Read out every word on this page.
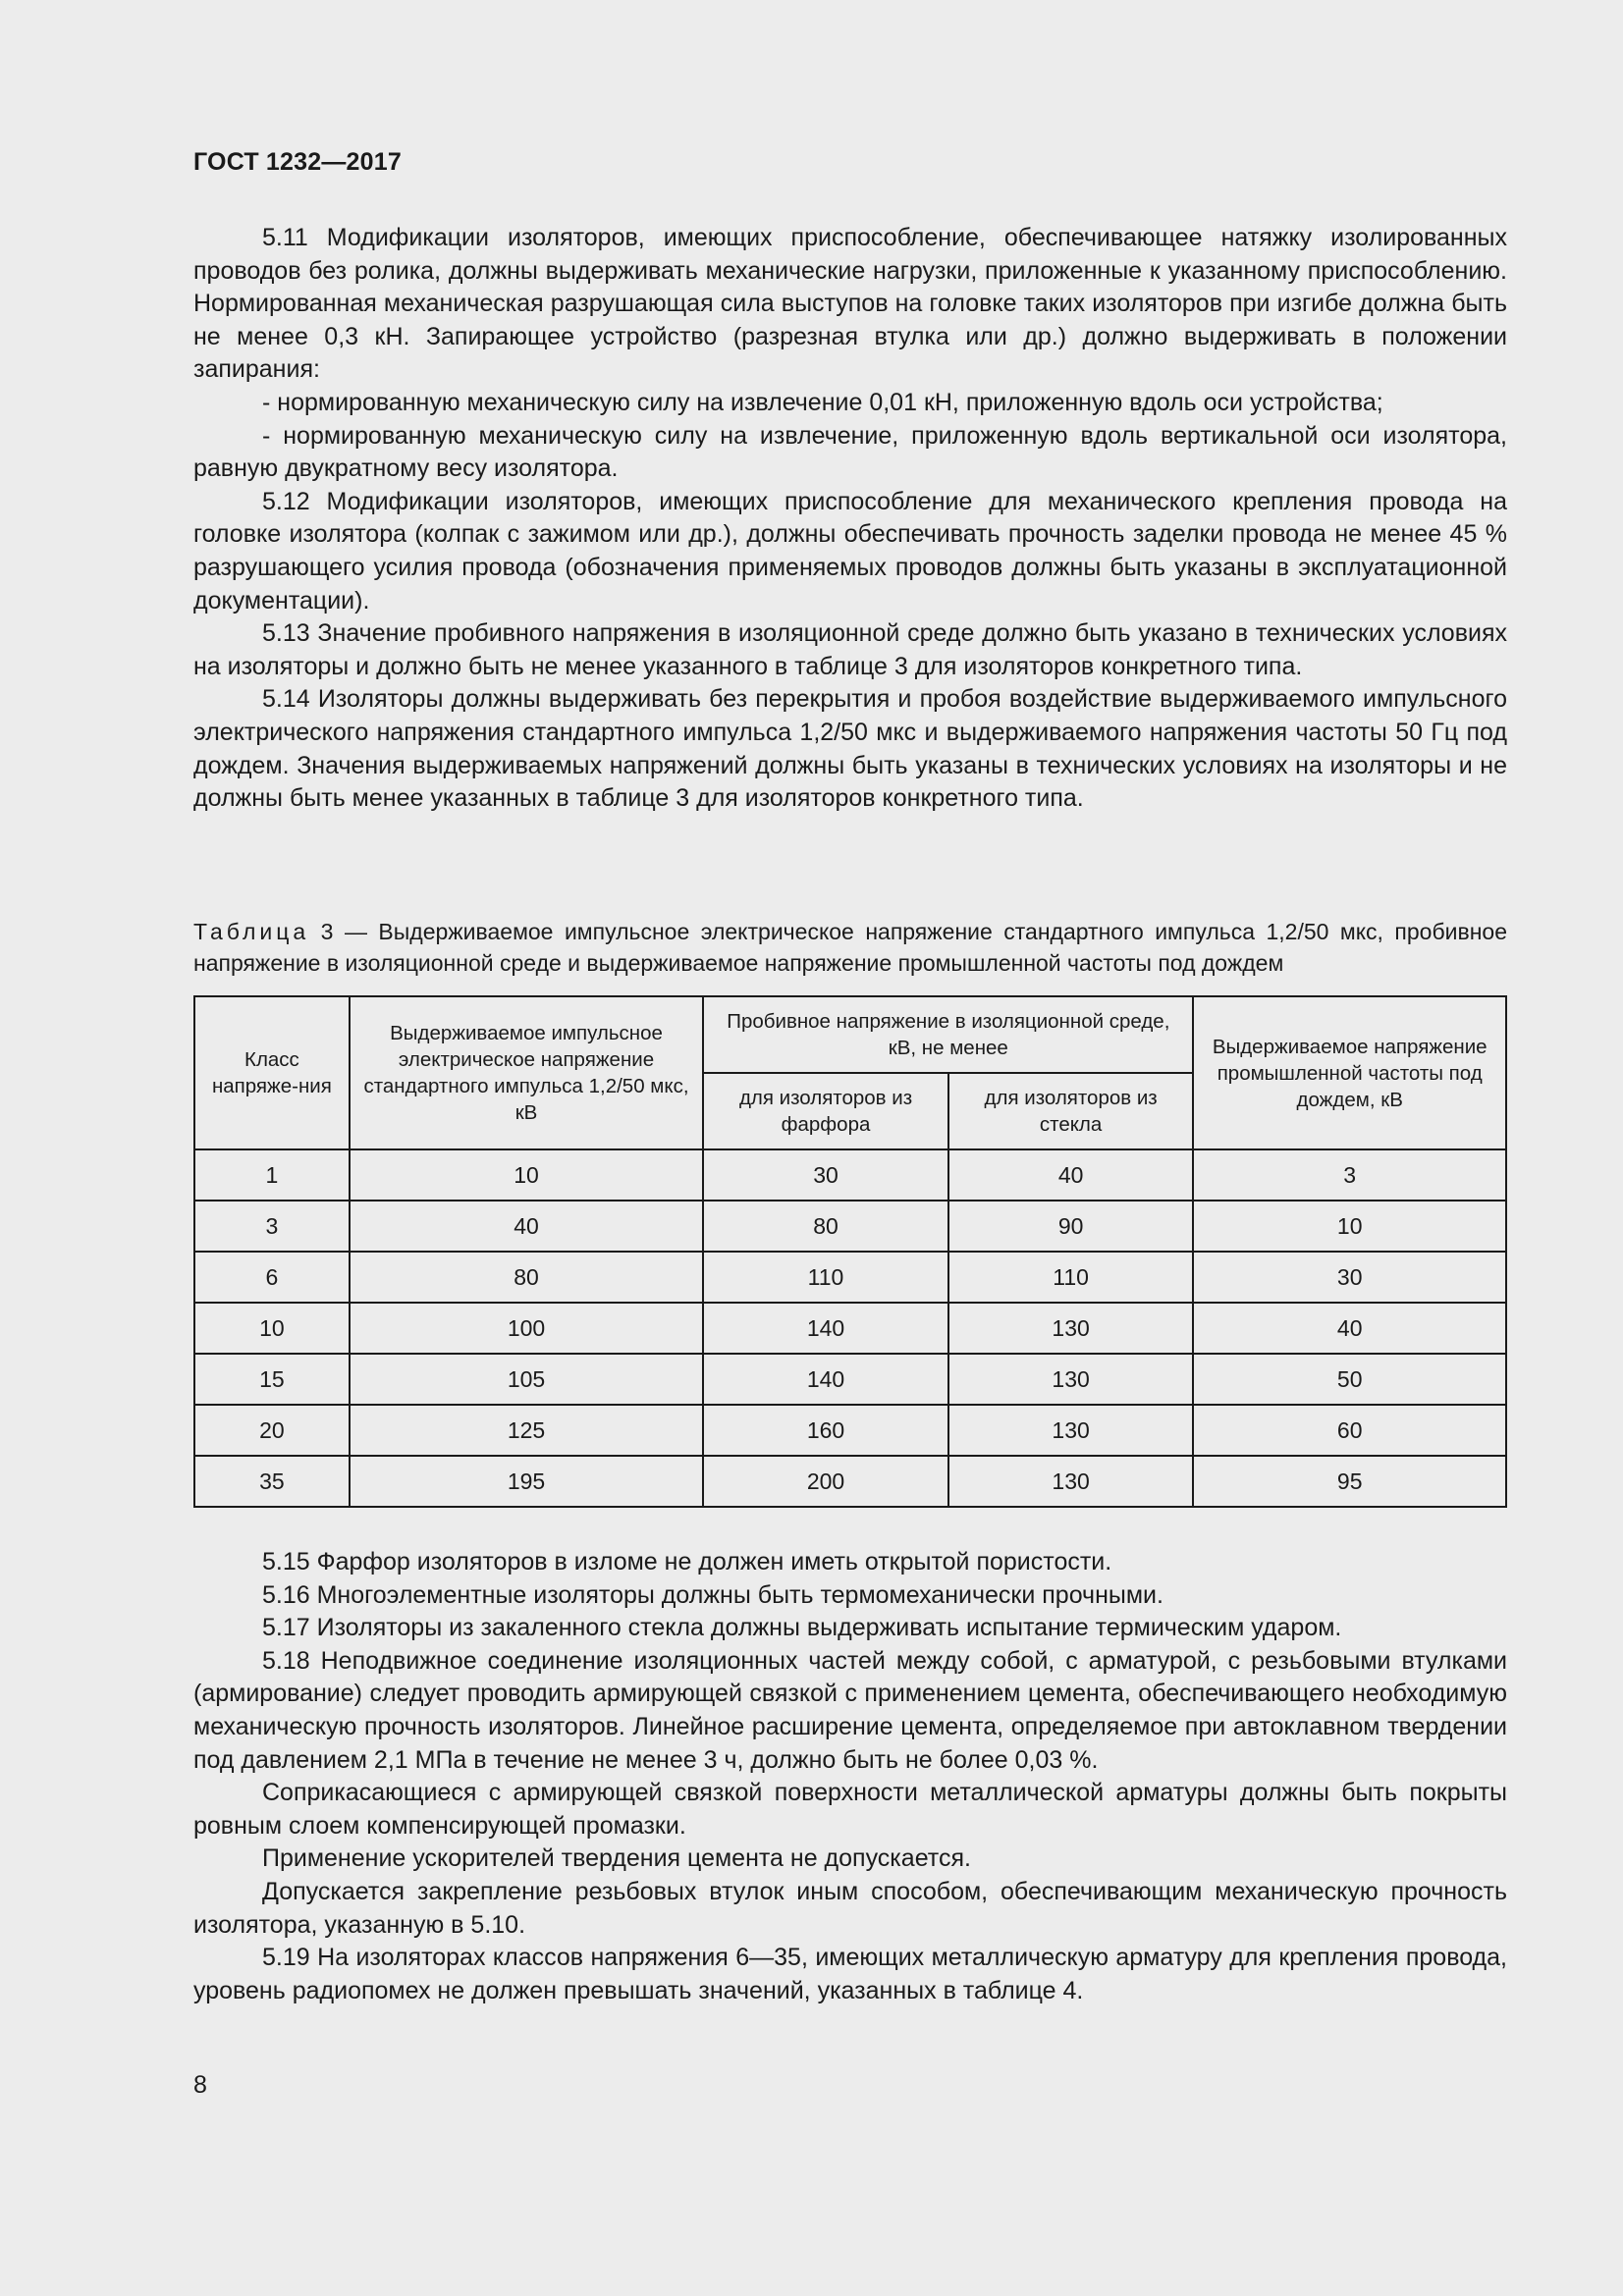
ГОСТ 1232—2017

5.11 Модификации изоляторов, имеющих приспособление, обеспечивающее натяжку изолированных проводов без ролика, должны выдерживать механические нагрузки, приложенные к указанному приспособлению. Нормированная механическая разрушающая сила выступов на головке таких изоляторов при изгибе должна быть не менее 0,3 кН. Запирающее устройство (разрезная втулка или др.) должно выдерживать в положении запирания:

- нормированную механическую силу на извлечение 0,01 кН, приложенную вдоль оси устройства;

- нормированную механическую силу на извлечение, приложенную вдоль вертикальной оси изолятора, равную двукратному весу изолятора.

5.12 Модификации изоляторов, имеющих приспособление для механического крепления провода на головке изолятора (колпак с зажимом или др.), должны обеспечивать прочность заделки провода не менее 45 % разрушающего усилия провода (обозначения применяемых проводов должны быть указаны в эксплуатационной документации).

5.13 Значение пробивного напряжения в изоляционной среде должно быть указано в технических условиях на изоляторы и должно быть не менее указанного в таблице 3 для изоляторов конкретного типа.

5.14 Изоляторы должны выдерживать без перекрытия и пробоя воздействие выдерживаемого импульсного электрического напряжения стандартного импульса 1,2/50 мкс и выдерживаемого напряжения частоты 50 Гц под дождем. Значения выдерживаемых напряжений должны быть указаны в технических условиях на изоляторы и не должны быть менее указанных в таблице 3 для изоляторов конкретного типа.

Таблица 3 — Выдерживаемое импульсное электрическое напряжение стандартного импульса 1,2/50 мкс, пробивное напряжение в изоляционной среде и выдерживаемое напряжение промышленной частоты под дождем
Класс напряже-ния	Выдерживаемое импульсное электрическое напряжение стандартного импульса 1,2/50 мкс, кВ	Пробивное напряжение в изоляционной среде, кВ, не менее		Выдерживаемое напряжение промышленной частоты под дождем, кВ
		для изоляторов из фарфора	для изоляторов из стекла	
1	10	30	40	3
3	40	80	90	10
6	80	110	110	30
10	100	140	130	40
15	105	140	130	50
20	125	160	130	60
35	195	200	130	95

5.15 Фарфор изоляторов в изломе не должен иметь открытой пористости.

5.16 Многоэлементные изоляторы должны быть термомеханически прочными.

5.17 Изоляторы из закаленного стекла должны выдерживать испытание термическим ударом.

5.18 Неподвижное соединение изоляционных частей между собой, с арматурой, с резьбовыми втулками (армирование) следует проводить армирующей связкой с применением цемента, обеспечивающего необходимую механическую прочность изоляторов. Линейное расширение цемента, определяемое при автоклавном твердении под давлением 2,1 МПа в течение не менее 3 ч, должно быть не более 0,03 %.

Соприкасающиеся с армирующей связкой поверхности металлической арматуры должны быть покрыты ровным слоем компенсирующей промазки.

Применение ускорителей твердения цемента не допускается.

Допускается закрепление резьбовых втулок иным способом, обеспечивающим механическую прочность изолятора, указанную в 5.10.

5.19 На изоляторах классов напряжения 6—35, имеющих металлическую арматуру для крепления провода, уровень радиопомех не должен превышать значений, указанных в таблице 4.

8
